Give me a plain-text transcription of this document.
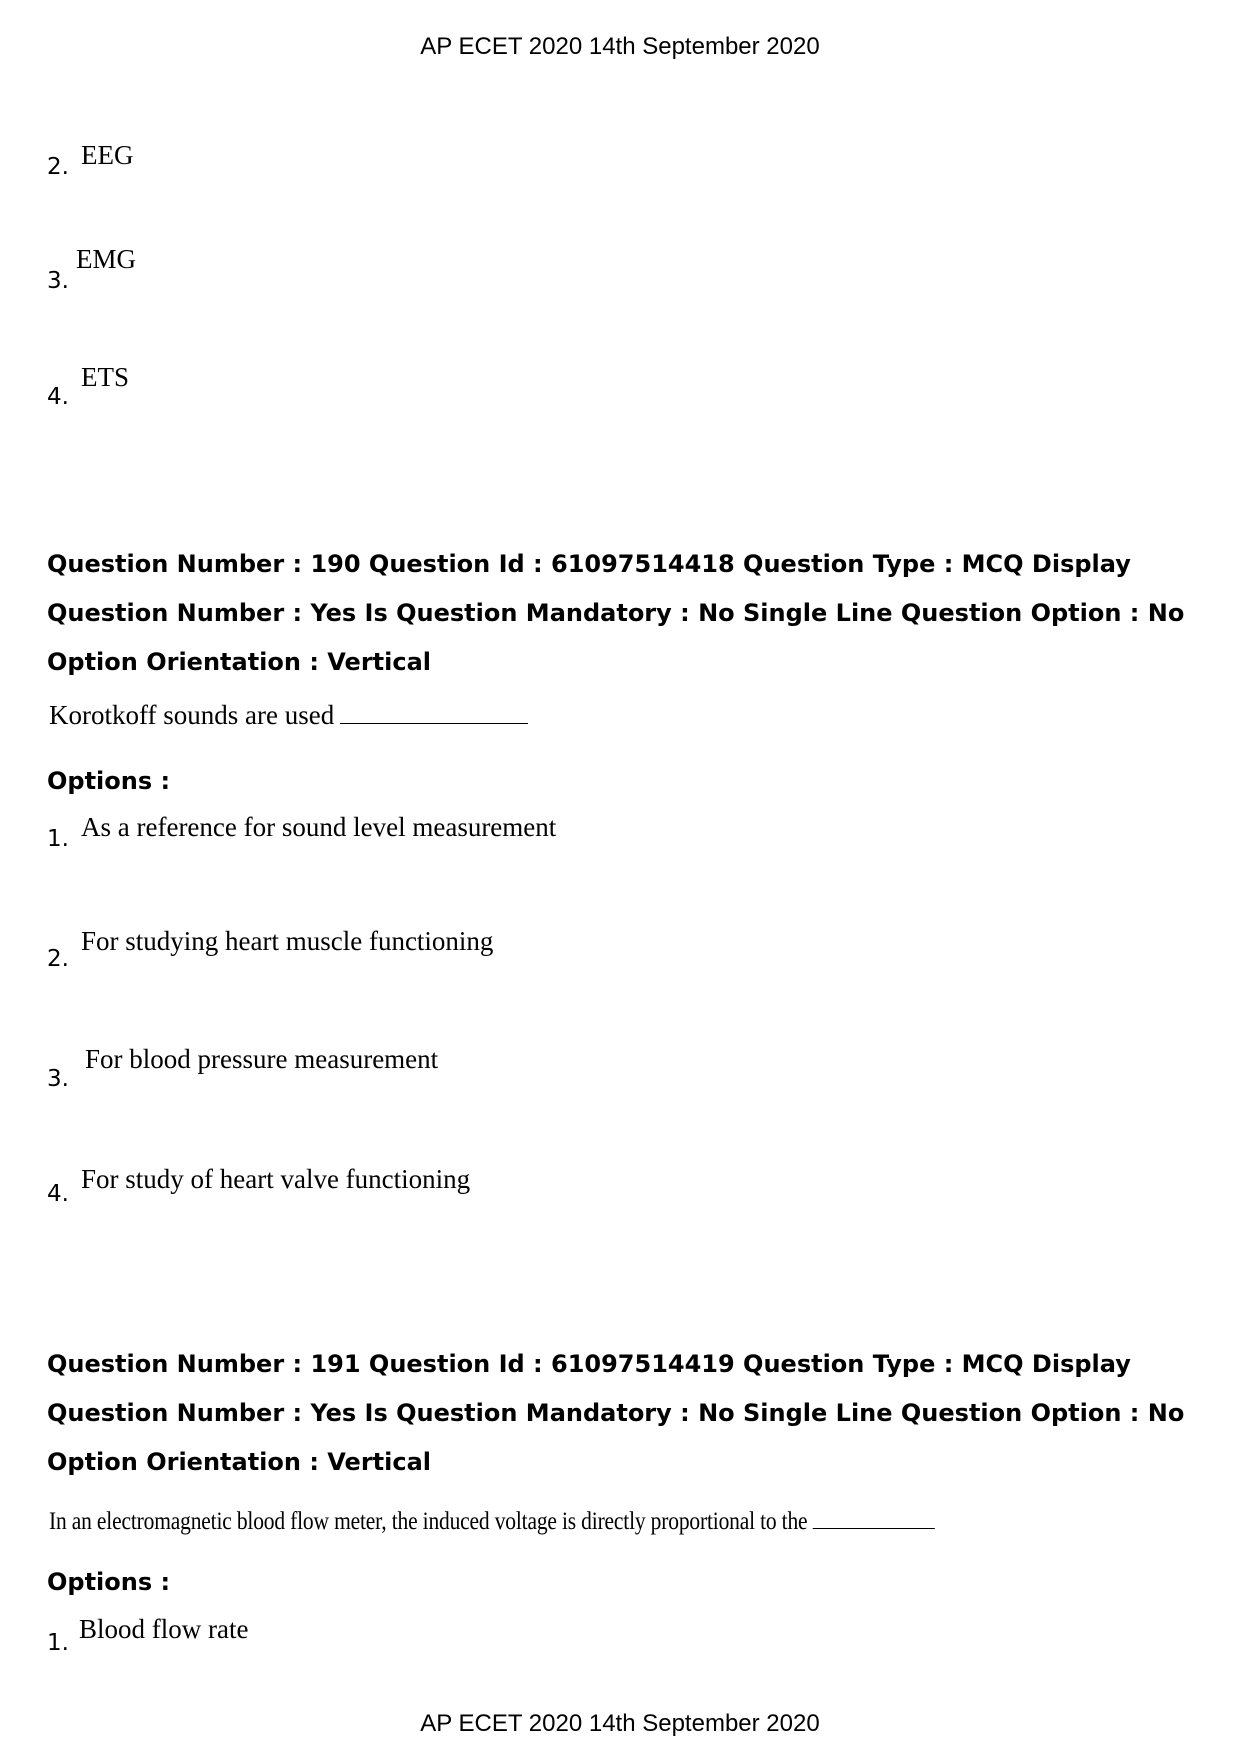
AP ECET 2020 14th September 2020
2. EEG
3.
EMG
4.
ETS
Question Number : 190 Question Id : 61097514418 Question Type : MCQ Display Question Number : Yes Is Question Mandatory : No Single Line Question Option : No Option Orientation : Vertical
Korotkoff sounds are used
Options :
1. As a reference for sound level measurement
2.
For studying heart muscle functioning
3.
For blood pressure measurement
4. For study of heart valve functioning
Question Number : 191 Question Id : 61097514419 Question Type : MCQ Display Question Number : Yes Is Question Mandatory : No Single Line Question Option : No Option Orientation : Vertical
In an electromagnetic blood flow meter, the induced voltage is directly proportional to the
Options :
1. Blood flow rate
AP ECET 2020 14th September 2020
